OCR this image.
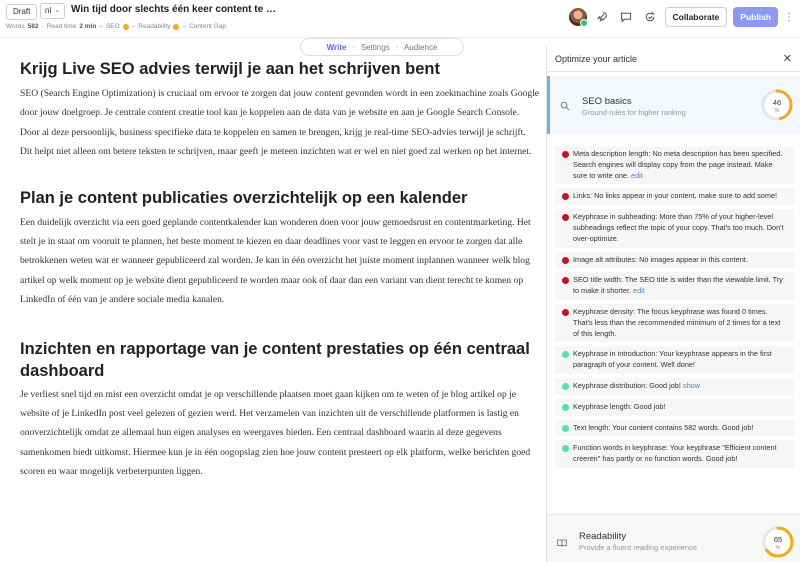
Draft	nl ⌄ Win tijd door slechts één keer content te …
Words 582 · Read time 2 min – SEO – Readability – Content Gap
Collaborate	Publish	⋮
Write › Settings › Audience
Krijg Live SEO advies terwijl je aan het schrijven bent

SEO (Search Engine Optimization) is cruciaal om ervoor te zorgen dat jouw content gevonden wordt in een zoekmachine zoals Google door jouw doelgroep. Je centrale content creatie tool kan je koppelen aan de data van je website en aan je Google Search Console. Door al deze persoonlijk, business specifieke data te koppelen en samen te brengen, krijg je real-time SEO-advies terwijl je schrijft. Dit helpt niet alleen om betere teksten te schrijven, maar geeft je meteen inzichten wat er wel en niet goed zal werken op het internet.

Plan je content publicaties overzichtelijk op een kalender

Een duidelijk overzicht via een goed geplande contentkalender kan wonderen doen voor jouw gemoedsrust en contentmarketing. Het stelt je in staat om vooruit te plannen, het beste moment te kiezen en daar deadlines voor vast te leggen en ervoor te zorgen dat alle betrokkenen weten wat er wanneer gepubliceerd zal worden. Je kan in één overzicht het juiste moment inplannen wanneer welk blog artikel op welk moment op je website dient gepubliceerd te worden maar ook of daar dan een variant van dient terecht te komen op LinkedIn of één van je andere sociale media kanalen.

Inzichten en rapportage van je content prestaties op één centraal dashboard

Je verliest snel tijd en mist een overzicht omdat je op verschillende plaatsen moet gaan kijken om te weten of je blog artikel op je website of je LinkedIn post veel gelezen of gezien werd. Het verzamelen van inzichten uit de verschillende platformen is lastig en onoverzichtelijk omdat ze allemaal hun eigen analyses en weergaves bieden. Een centraal dashboard waarin al deze gegevens samenkomen biedt uitkomst. Hiermee kun je in één oogopslag zien hoe jouw content presteert op elk platform, welke berichten goed scoren en waar mogelijk verbeterpunten liggen.

Optimize your article	✕
SEO basics
Ground rules for higher ranking
46
%
Meta description length: No meta description has been specified. Search engines will display copy from the page instead. Make sure to write one. edit
Links: No links appear in your content, make sure to add some!
Keyphrase in subheading: More than 75% of your higher-level subheadings reflect the topic of your copy. That's too much. Don't over-optimize.
Image alt attributes: No images appear in this content.
SEO title width: The SEO title is wider than the viewable limit. Try to make it shorter. edit
Keyphrase density: The focus keyphrase was found 0 times. That's less than the recommended minimum of 2 times for a text of this length.
Keyphrase in introduction: Your keyphrase appears in the first paragraph of your content. Well done!
Keyphrase distribution: Good job! show
Keyphrase length: Good job!
Text length: Your content contains 582 words. Good job!
Function words in keyphrase: Your keyphrase "Efficient content creeren" has partly or no function words. Good job!
Readability
Provide a fluent reading experience
65
%
